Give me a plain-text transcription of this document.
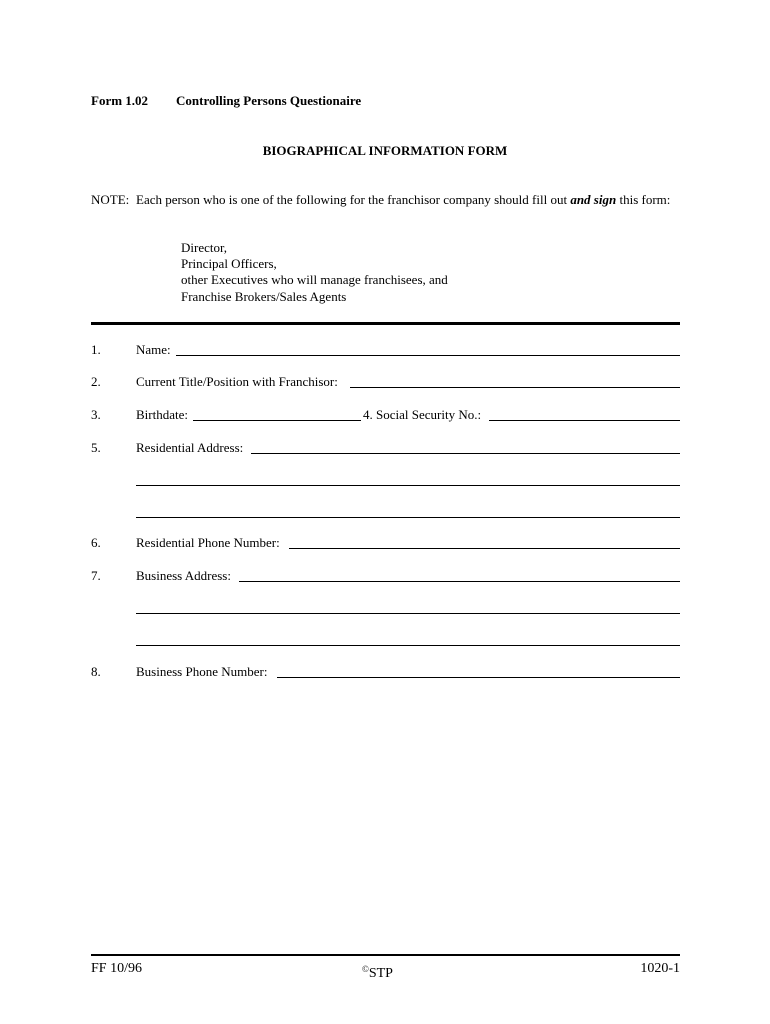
Form 1.02 Controlling Persons Questionaire
BIOGRAPHICAL INFORMATION FORM
NOTE: Each person who is one of the following for the franchisor company should fill out and sign this form:
Director,
Principal Officers,
other Executives who will manage franchisees, and
Franchise Brokers/Sales Agents
1.	Name:
2.	Current Title/Position with Franchisor:
3.	Birthdate:	4. Social Security No.:
5.	Residential Address:
6.	Residential Phone Number:
7.	Business Address:
8.	Business Phone Number:
FF 10/96	©STP	1020-1
